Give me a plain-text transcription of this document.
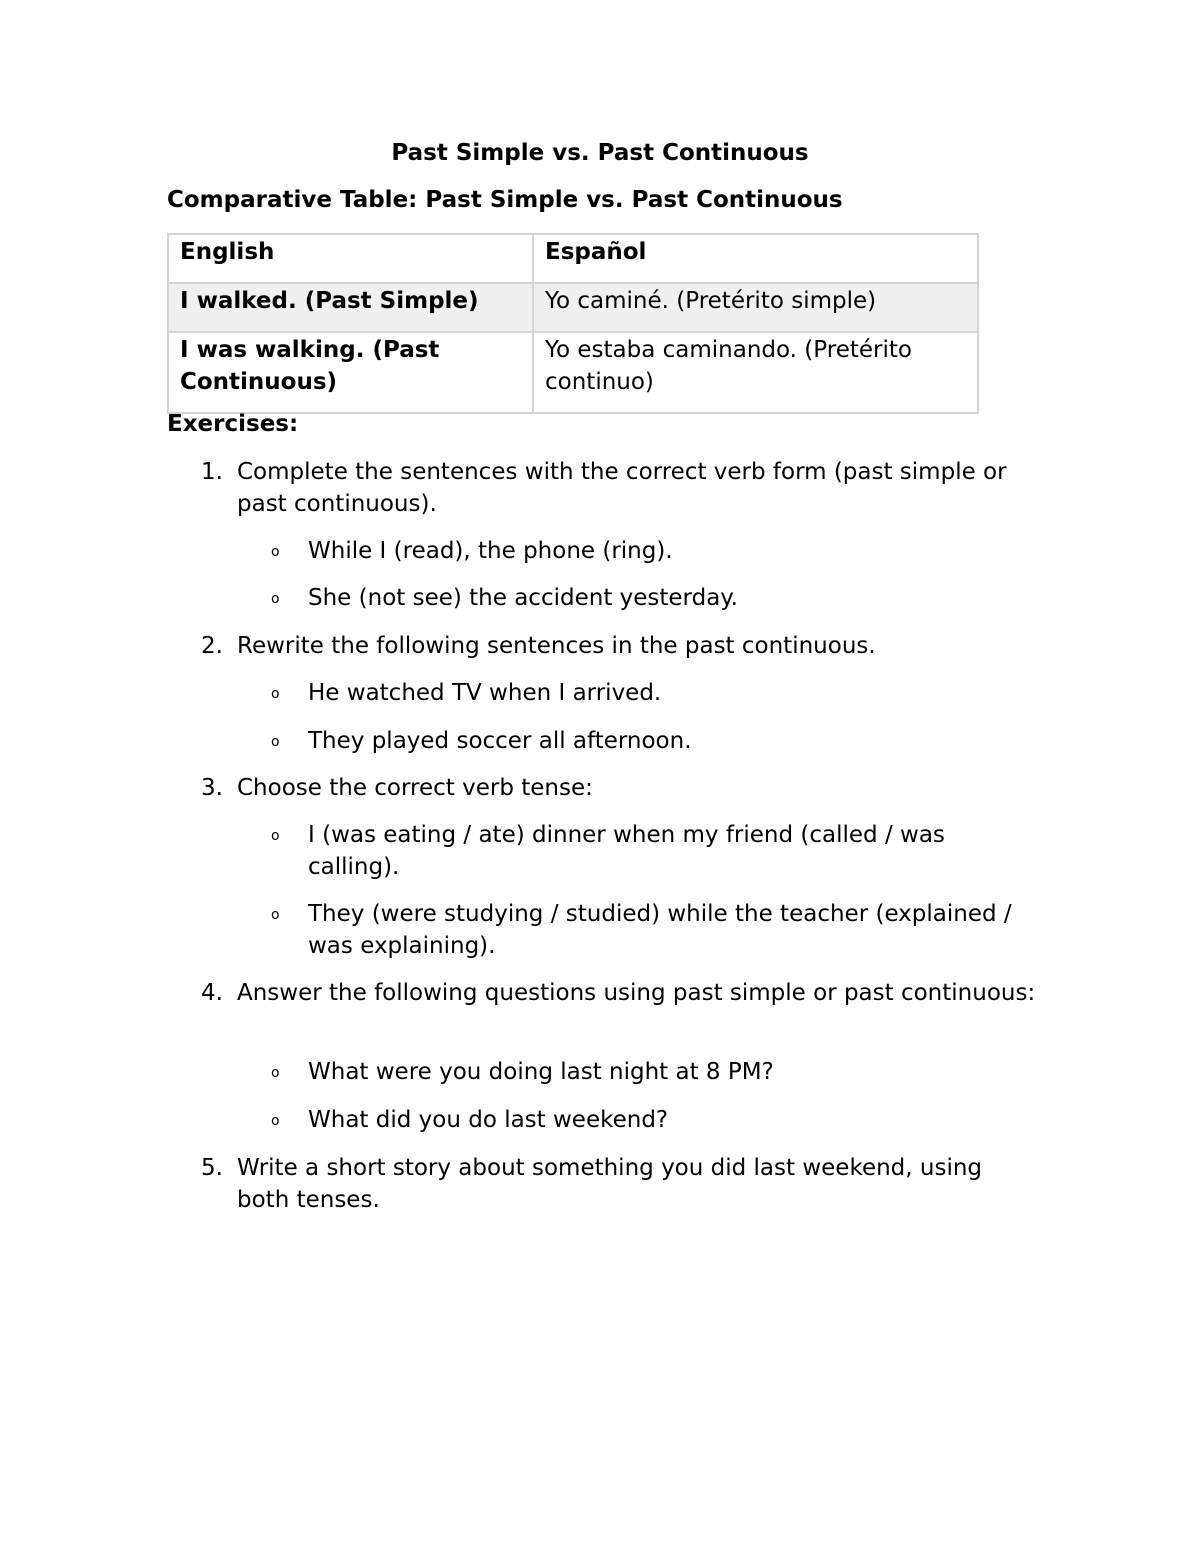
Past Simple vs. Past Continuous
Comparative Table: Past Simple vs. Past Continuous
English	Español
I walked. (Past Simple)	Yo caminé. (Pretérito simple)
I was walking. (Past Continuous)	Yo estaba caminando. (Pretérito continuo)
Exercises:
1. Complete the sentences with the correct verb form (past simple or past continuous).
o While I (read), the phone (ring).
o She (not see) the accident yesterday.
2. Rewrite the following sentences in the past continuous.
o He watched TV when I arrived.
o They played soccer all afternoon.
3. Choose the correct verb tense:
o I (was eating / ate) dinner when my friend (called / was calling).
o They (were studying / studied) while the teacher (explained / was explaining).
4. Answer the following questions using past simple or past continuous:
o What were you doing last night at 8 PM?
o What did you do last weekend?
5. Write a short story about something you did last weekend, using both tenses.
